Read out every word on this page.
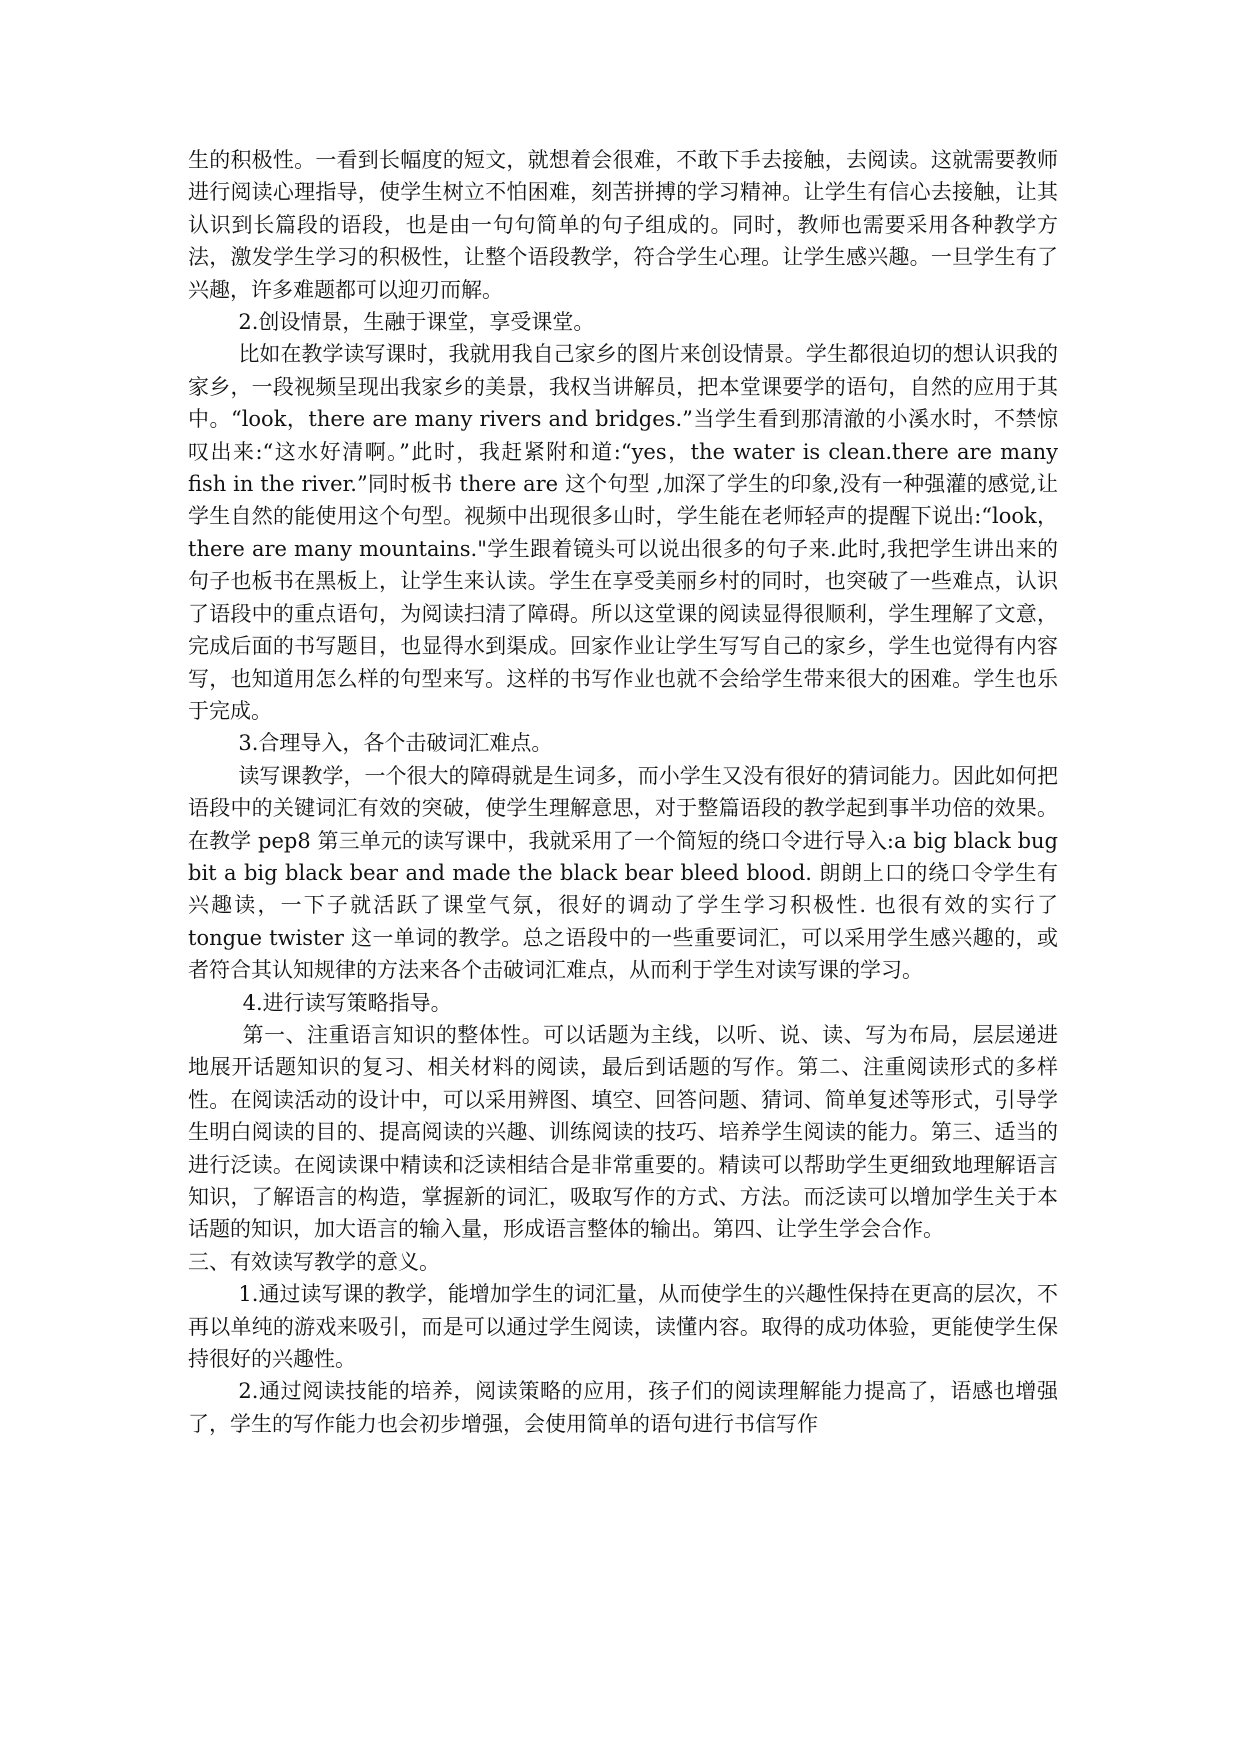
生的积极性。一看到长幅度的短文，就想着会很难，不敢下手去接触，去阅读。这就需要教师进行阅读心理指导，使学生树立不怕困难，刻苦拼搏的学习精神。让学生有信心去接触，让其认识到长篇段的语段，也是由一句句简单的句子组成的。同时，教师也需要采用各种教学方法，激发学生学习的积极性，让整个语段教学，符合学生心理。让学生感兴趣。一旦学生有了兴趣，许多难题都可以迎刃而解。

2.创设情景，生融于课堂，享受课堂。

比如在教学读写课时，我就用我自己家乡的图片来创设情景。学生都很迫切的想认识我的家乡，一段视频呈现出我家乡的美景，我权当讲解员，把本堂课要学的语句，自然的应用于其中。“look，there are many rivers and bridges.”当学生看到那清澈的小溪水时，不禁惊叹出来:“这水好清啊。”此时，我赶紧附和道:“yes，the water is clean.there are many fish in the river.”同时板书 there are 这个句型 ,加深了学生的印象,没有一种强灌的感觉,让学生自然的能使用这个句型。视频中出现很多山时，学生能在老师轻声的提醒下说出:“look，there are many mountains."学生跟着镜头可以说出很多的句子来.此时,我把学生讲出来的句子也板书在黑板上，让学生来认读。学生在享受美丽乡村的同时，也突破了一些难点，认识了语段中的重点语句，为阅读扫清了障碍。所以这堂课的阅读显得很顺利，学生理解了文意，完成后面的书写题目，也显得水到渠成。回家作业让学生写写自己的家乡，学生也觉得有内容写，也知道用怎么样的句型来写。这样的书写作业也就不会给学生带来很大的困难。学生也乐于完成。

3.合理导入，各个击破词汇难点。

读写课教学，一个很大的障碍就是生词多，而小学生又没有很好的猜词能力。因此如何把语段中的关键词汇有效的突破，使学生理解意思，对于整篇语段的教学起到事半功倍的效果。在教学 pep8 第三单元的读写课中，我就采用了一个简短的绕口令进行导入:a big black bug bit a big black bear and made the black bear bleed blood. 朗朗上口的绕口令学生有兴趣读，一下子就活跃了课堂气氛，很好的调动了学生学习积极性. 也很有效的实行了 tongue twister 这一单词的教学。总之语段中的一些重要词汇，可以采用学生感兴趣的，或者符合其认知规律的方法来各个击破词汇难点，从而利于学生对读写课的学习。

4.进行读写策略指导。

第一、注重语言知识的整体性。可以话题为主线，以听、说、读、写为布局，层层递进地展开话题知识的复习、相关材料的阅读，最后到话题的写作。第二、注重阅读形式的多样性。在阅读活动的设计中，可以采用辨图、填空、回答问题、猜词、简单复述等形式，引导学生明白阅读的目的、提高阅读的兴趣、训练阅读的技巧、培养学生阅读的能力。第三、适当的进行泛读。在阅读课中精读和泛读相结合是非常重要的。精读可以帮助学生更细致地理解语言知识，了解语言的构造，掌握新的词汇，吸取写作的方式、方法。而泛读可以增加学生关于本话题的知识，加大语言的输入量，形成语言整体的输出。第四、让学生学会合作。

三、有效读写教学的意义。

1.通过读写课的教学，能增加学生的词汇量，从而使学生的兴趣性保持在更高的层次，不再以单纯的游戏来吸引，而是可以通过学生阅读，读懂内容。取得的成功体验，更能使学生保持很好的兴趣性。

2.通过阅读技能的培养，阅读策略的应用，孩子们的阅读理解能力提高了，语感也增强了，学生的写作能力也会初步增强，会使用简单的语句进行书信写作
